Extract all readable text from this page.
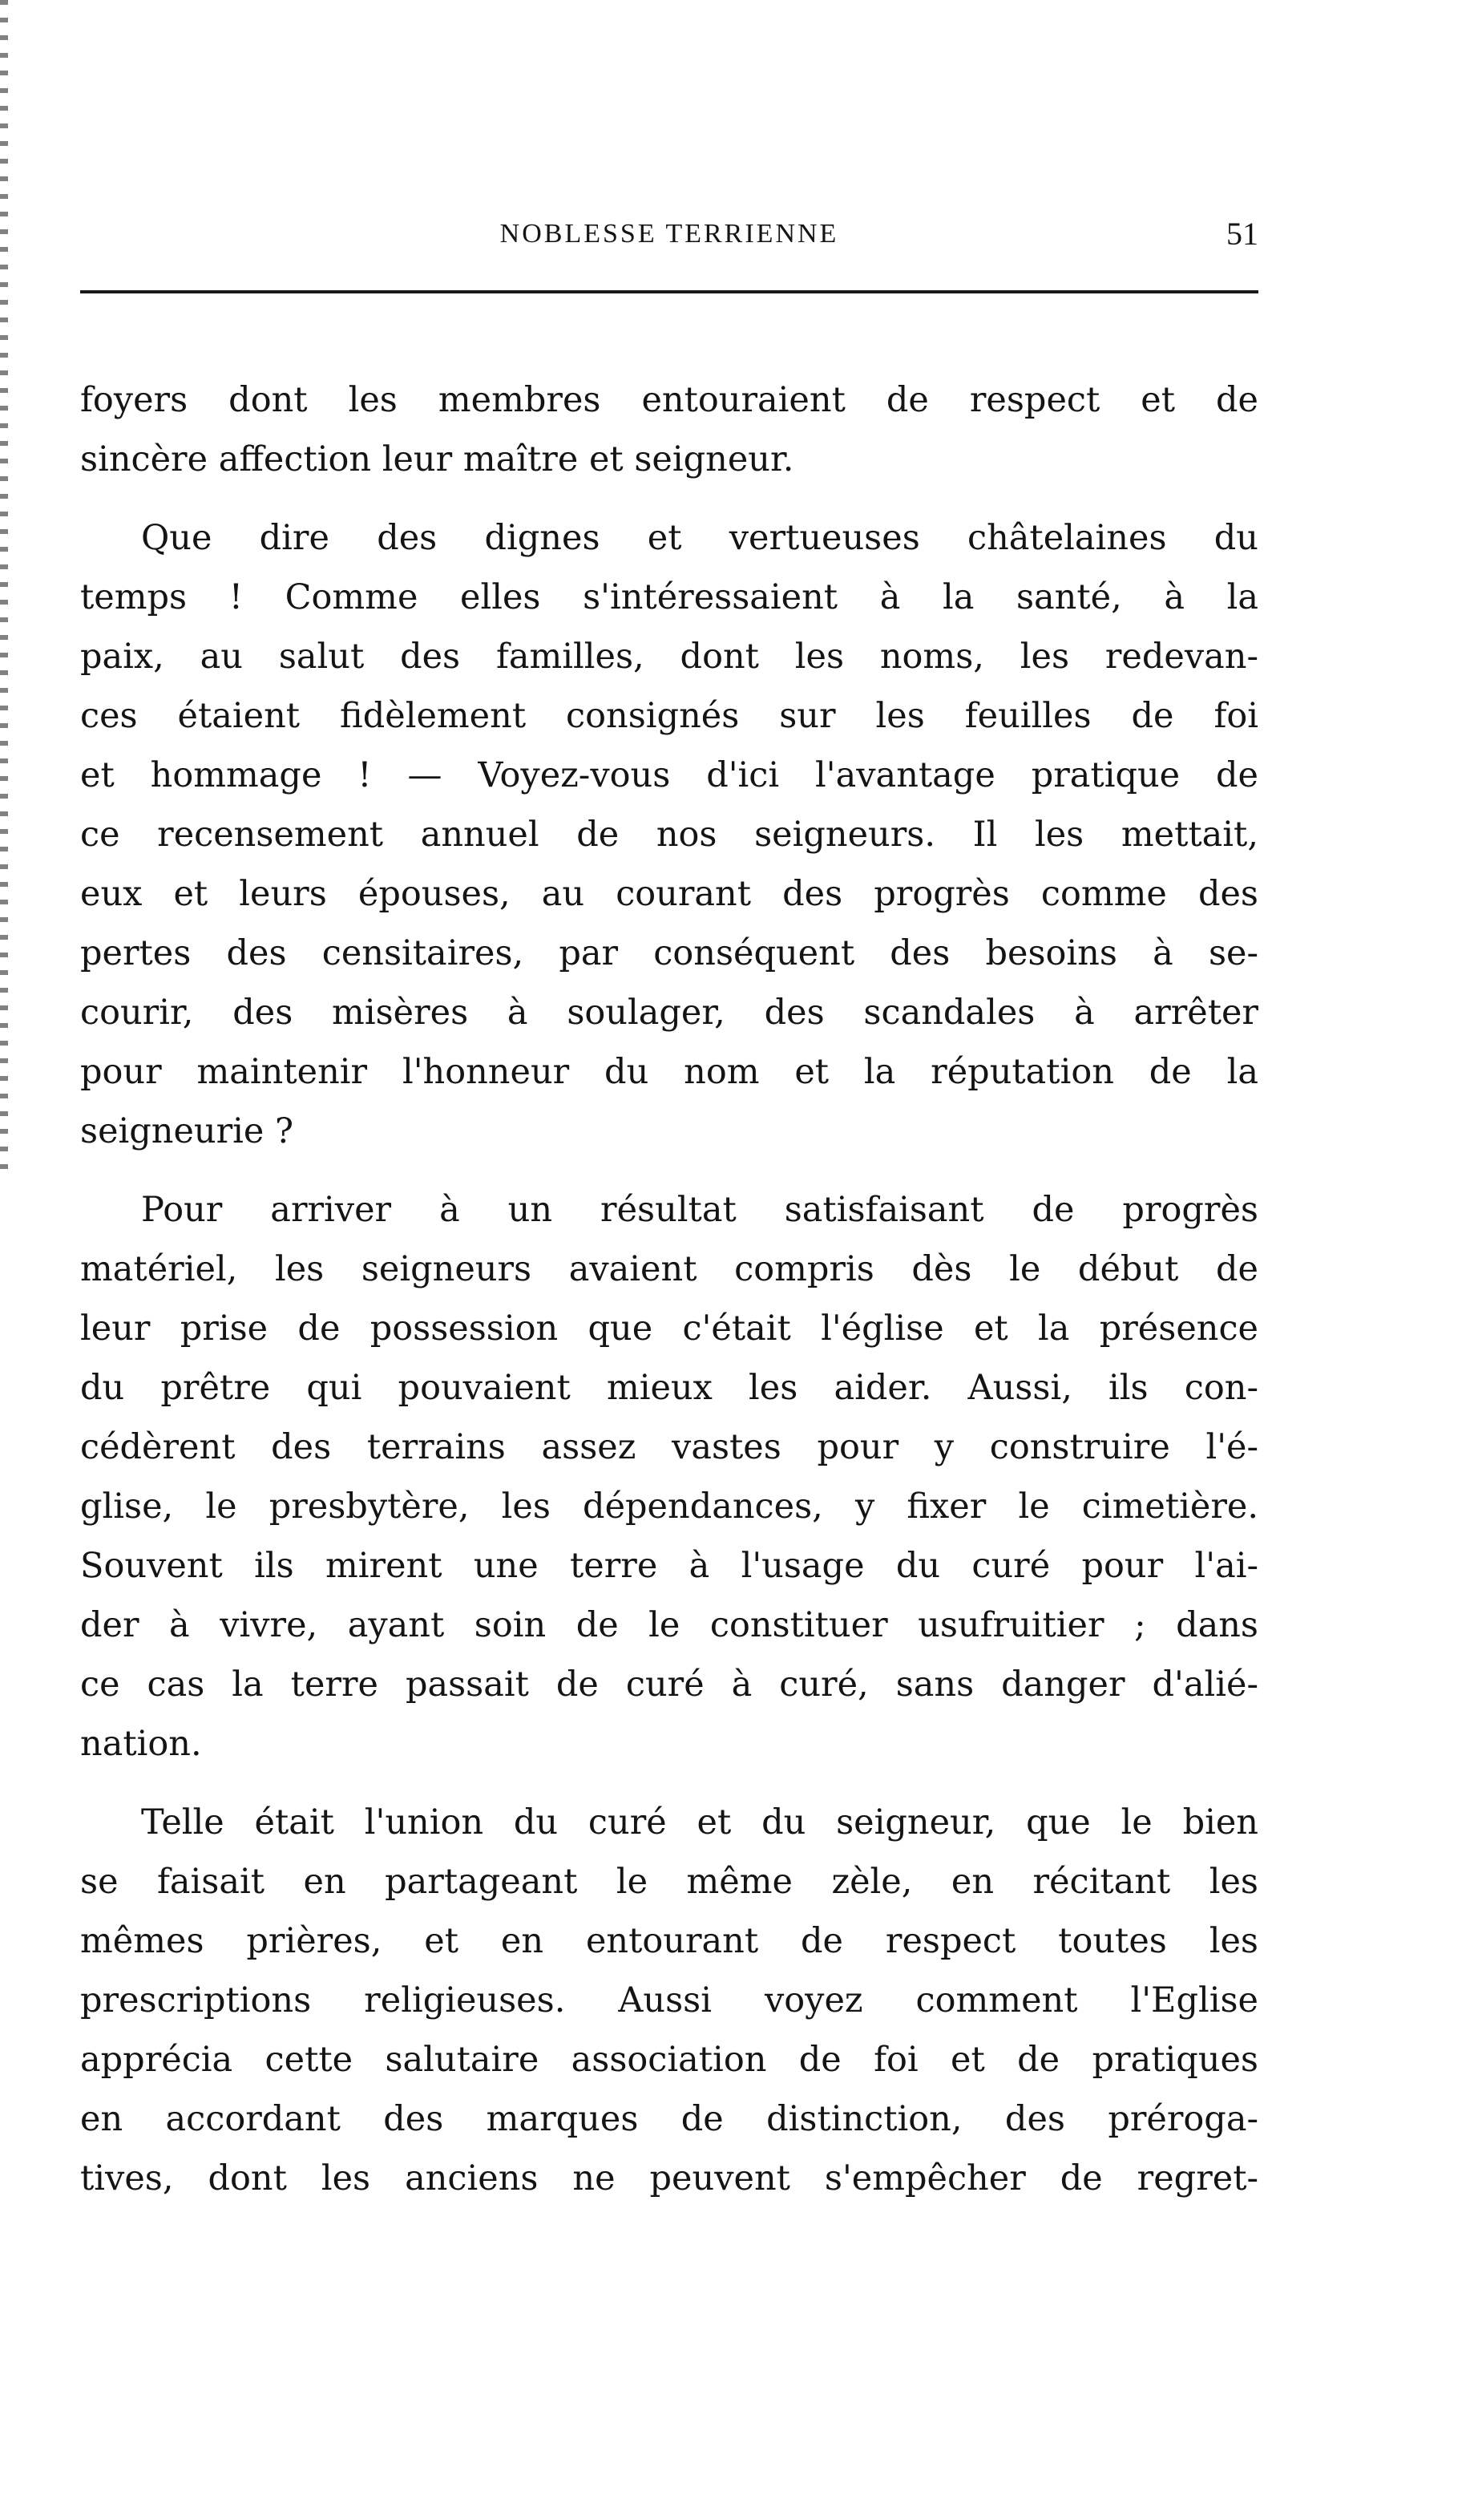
NOBLESSE TERRIENNE	51
foyers dont les membres entouraient de respect et de
sincère affection leur maître et seigneur.
Que dire des dignes et vertueuses châtelaines du
temps ! Comme elles s'intéressaient à la santé, à la
paix, au salut des familles, dont les noms, les redevan-
ces étaient fidèlement consignés sur les feuilles de foi
et hommage ! — Voyez-vous d'ici l'avantage pratique de
ce recensement annuel de nos seigneurs. Il les mettait,
eux et leurs épouses, au courant des progrès comme des
pertes des censitaires, par conséquent des besoins à se-
courir, des misères à soulager, des scandales à arrêter
pour maintenir l'honneur du nom et la réputation de la
seigneurie ?
Pour arriver à un résultat satisfaisant de progrès
matériel, les seigneurs avaient compris dès le début de
leur prise de possession que c'était l'église et la présence
du prêtre qui pouvaient mieux les aider. Aussi, ils con-
cédèrent des terrains assez vastes pour y construire l'é-
glise, le presbytère, les dépendances, y fixer le cimetière.
Souvent ils mirent une terre à l'usage du curé pour l'ai-
der à vivre, ayant soin de le constituer usufruitier ; dans
ce cas la terre passait de curé à curé, sans danger d'alié-
nation.
Telle était l'union du curé et du seigneur, que le bien
se faisait en partageant le même zèle, en récitant les
mêmes prières, et en entourant de respect toutes les
prescriptions religieuses. Aussi voyez comment l'Eglise
apprécia cette salutaire association de foi et de pratiques
en accordant des marques de distinction, des préroga-
tives, dont les anciens ne peuvent s'empêcher de regret-
